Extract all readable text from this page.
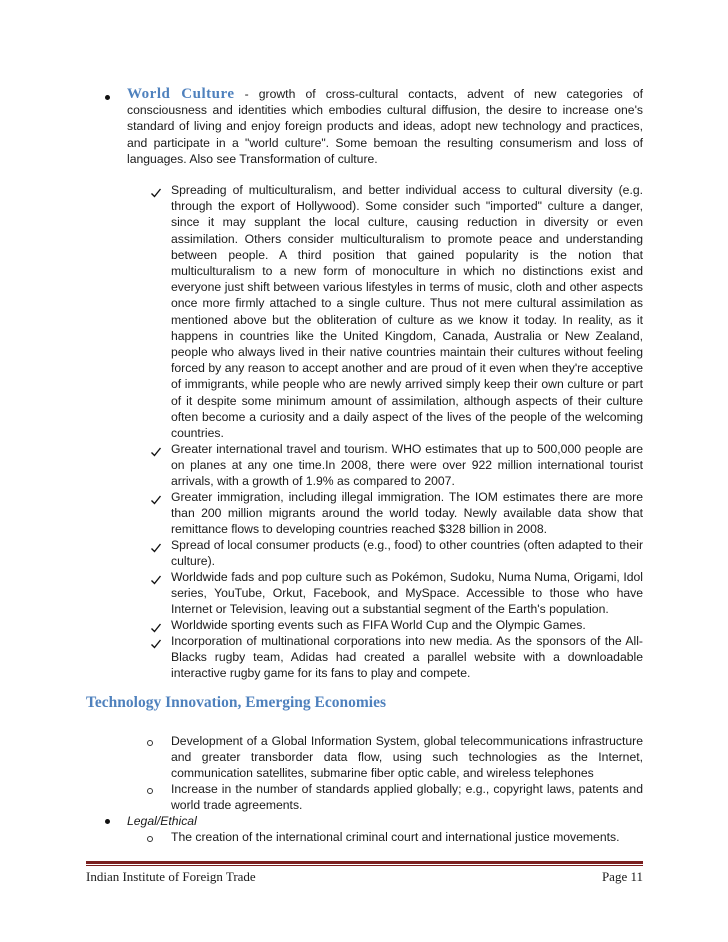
World Culture - growth of cross-cultural contacts, advent of new categories of consciousness and identities which embodies cultural diffusion, the desire to increase one's standard of living and enjoy foreign products and ideas, adopt new technology and practices, and participate in a "world culture". Some bemoan the resulting consumerism and loss of languages. Also see Transformation of culture.

Spreading of multiculturalism, and better individual access to cultural diversity (e.g. through the export of Hollywood). Some consider such "imported" culture a danger, since it may supplant the local culture, causing reduction in diversity or even assimilation. Others consider multiculturalism to promote peace and understanding between people. A third position that gained popularity is the notion that multiculturalism to a new form of monoculture in which no distinctions exist and everyone just shift between various lifestyles in terms of music, cloth and other aspects once more firmly attached to a single culture. Thus not mere cultural assimilation as mentioned above but the obliteration of culture as we know it today. In reality, as it happens in countries like the United Kingdom, Canada, Australia or New Zealand, people who always lived in their native countries maintain their cultures without feeling forced by any reason to accept another and are proud of it even when they're acceptive of immigrants, while people who are newly arrived simply keep their own culture or part of it despite some minimum amount of assimilation, although aspects of their culture often become a curiosity and a daily aspect of the lives of the people of the welcoming countries.

Greater international travel and tourism. WHO estimates that up to 500,000 people are on planes at any one time.In 2008, there were over 922 million international tourist arrivals, with a growth of 1.9% as compared to 2007.

Greater immigration, including illegal immigration. The IOM estimates there are more than 200 million migrants around the world today. Newly available data show that remittance flows to developing countries reached $328 billion in 2008.

Spread of local consumer products (e.g., food) to other countries (often adapted to their culture).

Worldwide fads and pop culture such as Pokémon, Sudoku, Numa Numa, Origami, Idol series, YouTube, Orkut, Facebook, and MySpace. Accessible to those who have Internet or Television, leaving out a substantial segment of the Earth's population.

Worldwide sporting events such as FIFA World Cup and the Olympic Games.

Incorporation of multinational corporations into new media. As the sponsors of the All-Blacks rugby team, Adidas had created a parallel website with a downloadable interactive rugby game for its fans to play and compete.

Technology Innovation, Emerging Economies

Development of a Global Information System, global telecommunications infrastructure and greater transborder data flow, using such technologies as the Internet, communication satellites, submarine fiber optic cable, and wireless telephones

Increase in the number of standards applied globally; e.g., copyright laws, patents and world trade agreements.

Legal/Ethical

The creation of the international criminal court and international justice movements.

Indian Institute of Foreign Trade	Page 11
